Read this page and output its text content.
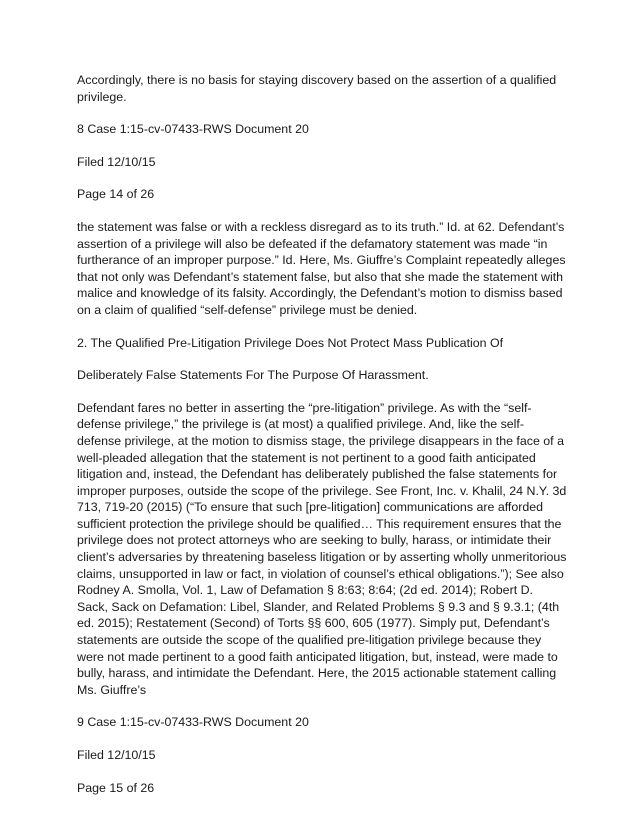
Accordingly, there is no basis for staying discovery based on the assertion of a qualified privilege.

8 Case 1:15-cv-07433-RWS Document 20

Filed 12/10/15

Page 14 of 26

the statement was false or with a reckless disregard as to its truth.” Id. at 62. Defendant’s assertion of a privilege will also be defeated if the defamatory statement was made “in furtherance of an improper purpose.” Id. Here, Ms. Giuffre’s Complaint repeatedly alleges that not only was Defendant’s statement false, but also that she made the statement with malice and knowledge of its falsity. Accordingly, the Defendant’s motion to dismiss based on a claim of qualified “self-defense” privilege must be denied.

2. The Qualified Pre-Litigation Privilege Does Not Protect Mass Publication Of

Deliberately False Statements For The Purpose Of Harassment.

Defendant fares no better in asserting the “pre-litigation” privilege. As with the “self-defense privilege,” the privilege is (at most) a qualified privilege. And, like the self-defense privilege, at the motion to dismiss stage, the privilege disappears in the face of a well-pleaded allegation that the statement is not pertinent to a good faith anticipated litigation and, instead, the Defendant has deliberately published the false statements for improper purposes, outside the scope of the privilege. See Front, Inc. v. Khalil, 24 N.Y. 3d 713, 719-20 (2015) (“To ensure that such [pre-litigation] communications are afforded sufficient protection the privilege should be qualified… This requirement ensures that the privilege does not protect attorneys who are seeking to bully, harass, or intimidate their client’s adversaries by threatening baseless litigation or by asserting wholly unmeritorious claims, unsupported in law or fact, in violation of counsel’s ethical obligations.”); See also Rodney A. Smolla, Vol. 1, Law of Defamation § 8:63; 8:64; (2d ed. 2014); Robert D. Sack, Sack on Defamation: Libel, Slander, and Related Problems § 9.3 and § 9.3.1; (4th ed. 2015); Restatement (Second) of Torts §§ 600, 605 (1977). Simply put, Defendant’s statements are outside the scope of the qualified pre-litigation privilege because they were not made pertinent to a good faith anticipated litigation, but, instead, were made to bully, harass, and intimidate the Defendant. Here, the 2015 actionable statement calling Ms. Giuffre’s

9 Case 1:15-cv-07433-RWS Document 20

Filed 12/10/15

Page 15 of 26
